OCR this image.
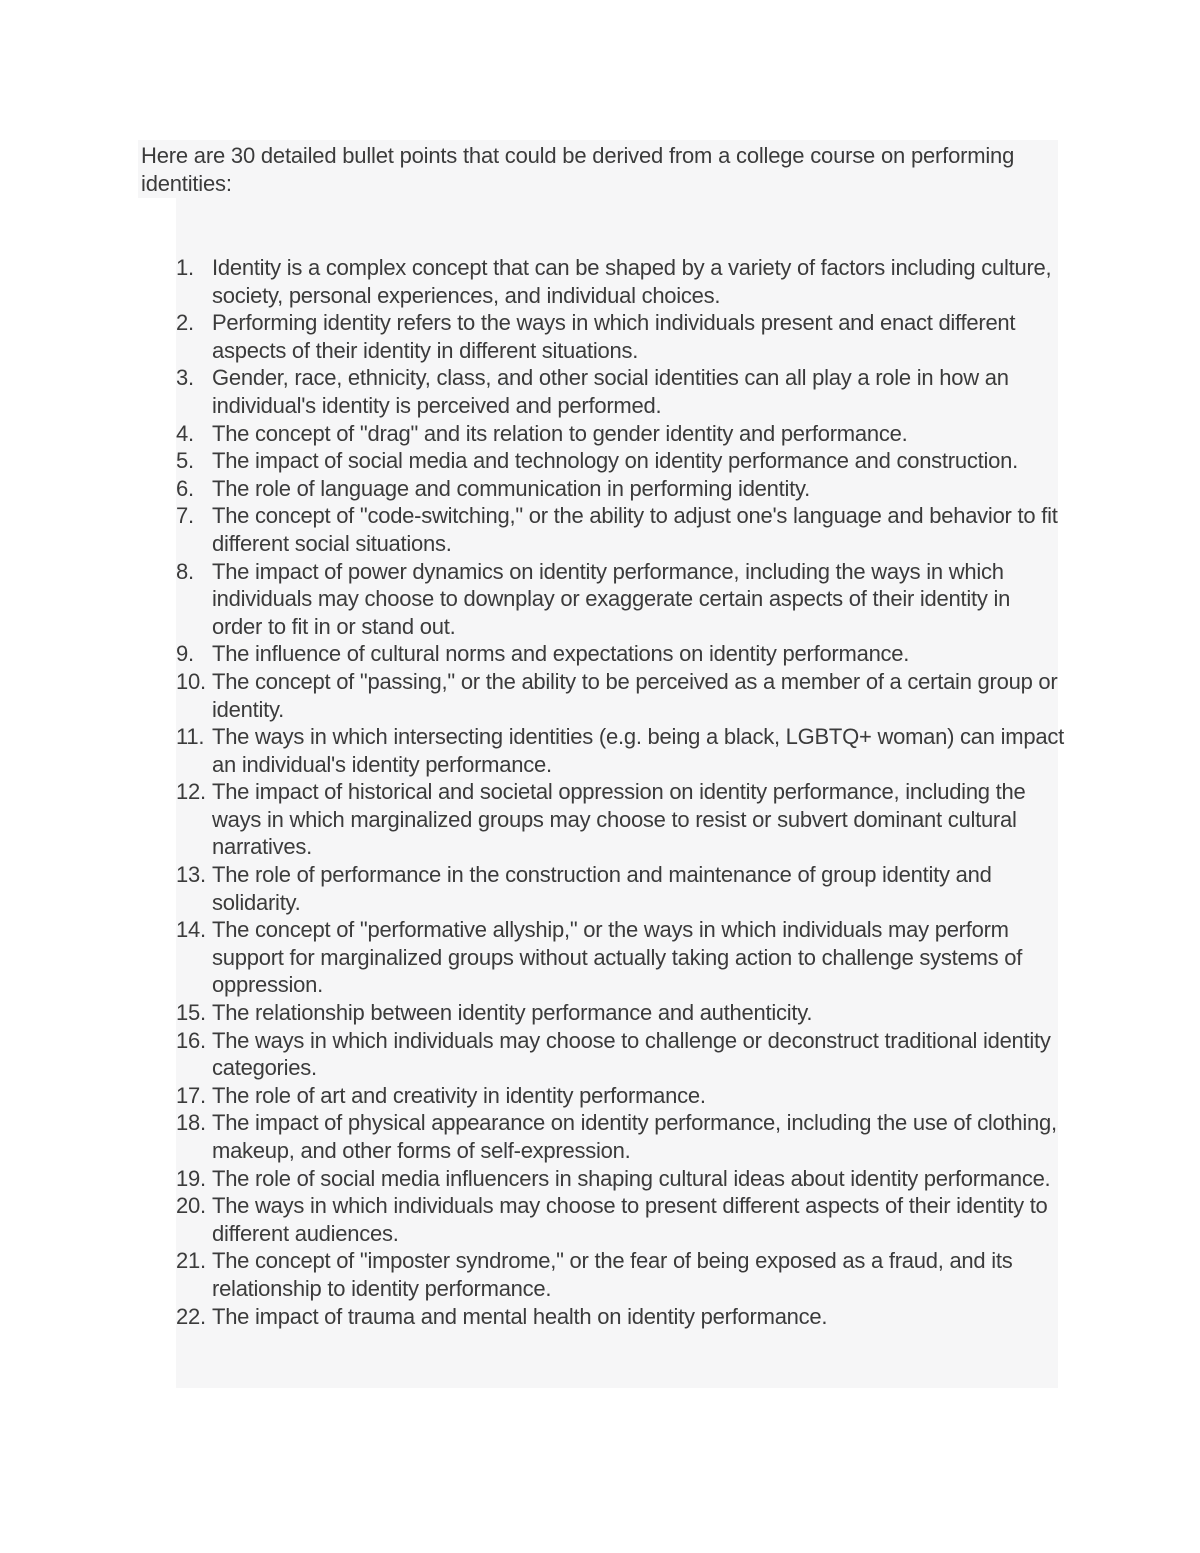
Here are 30 detailed bullet points that could be derived from a college course on performing identities:

1. Identity is a complex concept that can be shaped by a variety of factors including culture, society, personal experiences, and individual choices.
2. Performing identity refers to the ways in which individuals present and enact different aspects of their identity in different situations.
3. Gender, race, ethnicity, class, and other social identities can all play a role in how an individual's identity is perceived and performed.
4. The concept of "drag" and its relation to gender identity and performance.
5. The impact of social media and technology on identity performance and construction.
6. The role of language and communication in performing identity.
7. The concept of "code-switching," or the ability to adjust one's language and behavior to fit different social situations.
8. The impact of power dynamics on identity performance, including the ways in which individuals may choose to downplay or exaggerate certain aspects of their identity in order to fit in or stand out.
9. The influence of cultural norms and expectations on identity performance.
10. The concept of "passing," or the ability to be perceived as a member of a certain group or identity.
11. The ways in which intersecting identities (e.g. being a black, LGBTQ+ woman) can impact an individual's identity performance.
12. The impact of historical and societal oppression on identity performance, including the ways in which marginalized groups may choose to resist or subvert dominant cultural narratives.
13. The role of performance in the construction and maintenance of group identity and solidarity.
14. The concept of "performative allyship," or the ways in which individuals may perform support for marginalized groups without actually taking action to challenge systems of oppression.
15. The relationship between identity performance and authenticity.
16. The ways in which individuals may choose to challenge or deconstruct traditional identity categories.
17. The role of art and creativity in identity performance.
18. The impact of physical appearance on identity performance, including the use of clothing, makeup, and other forms of self-expression.
19. The role of social media influencers in shaping cultural ideas about identity performance.
20. The ways in which individuals may choose to present different aspects of their identity to different audiences.
21. The concept of "imposter syndrome," or the fear of being exposed as a fraud, and its relationship to identity performance.
22. The impact of trauma and mental health on identity performance.
